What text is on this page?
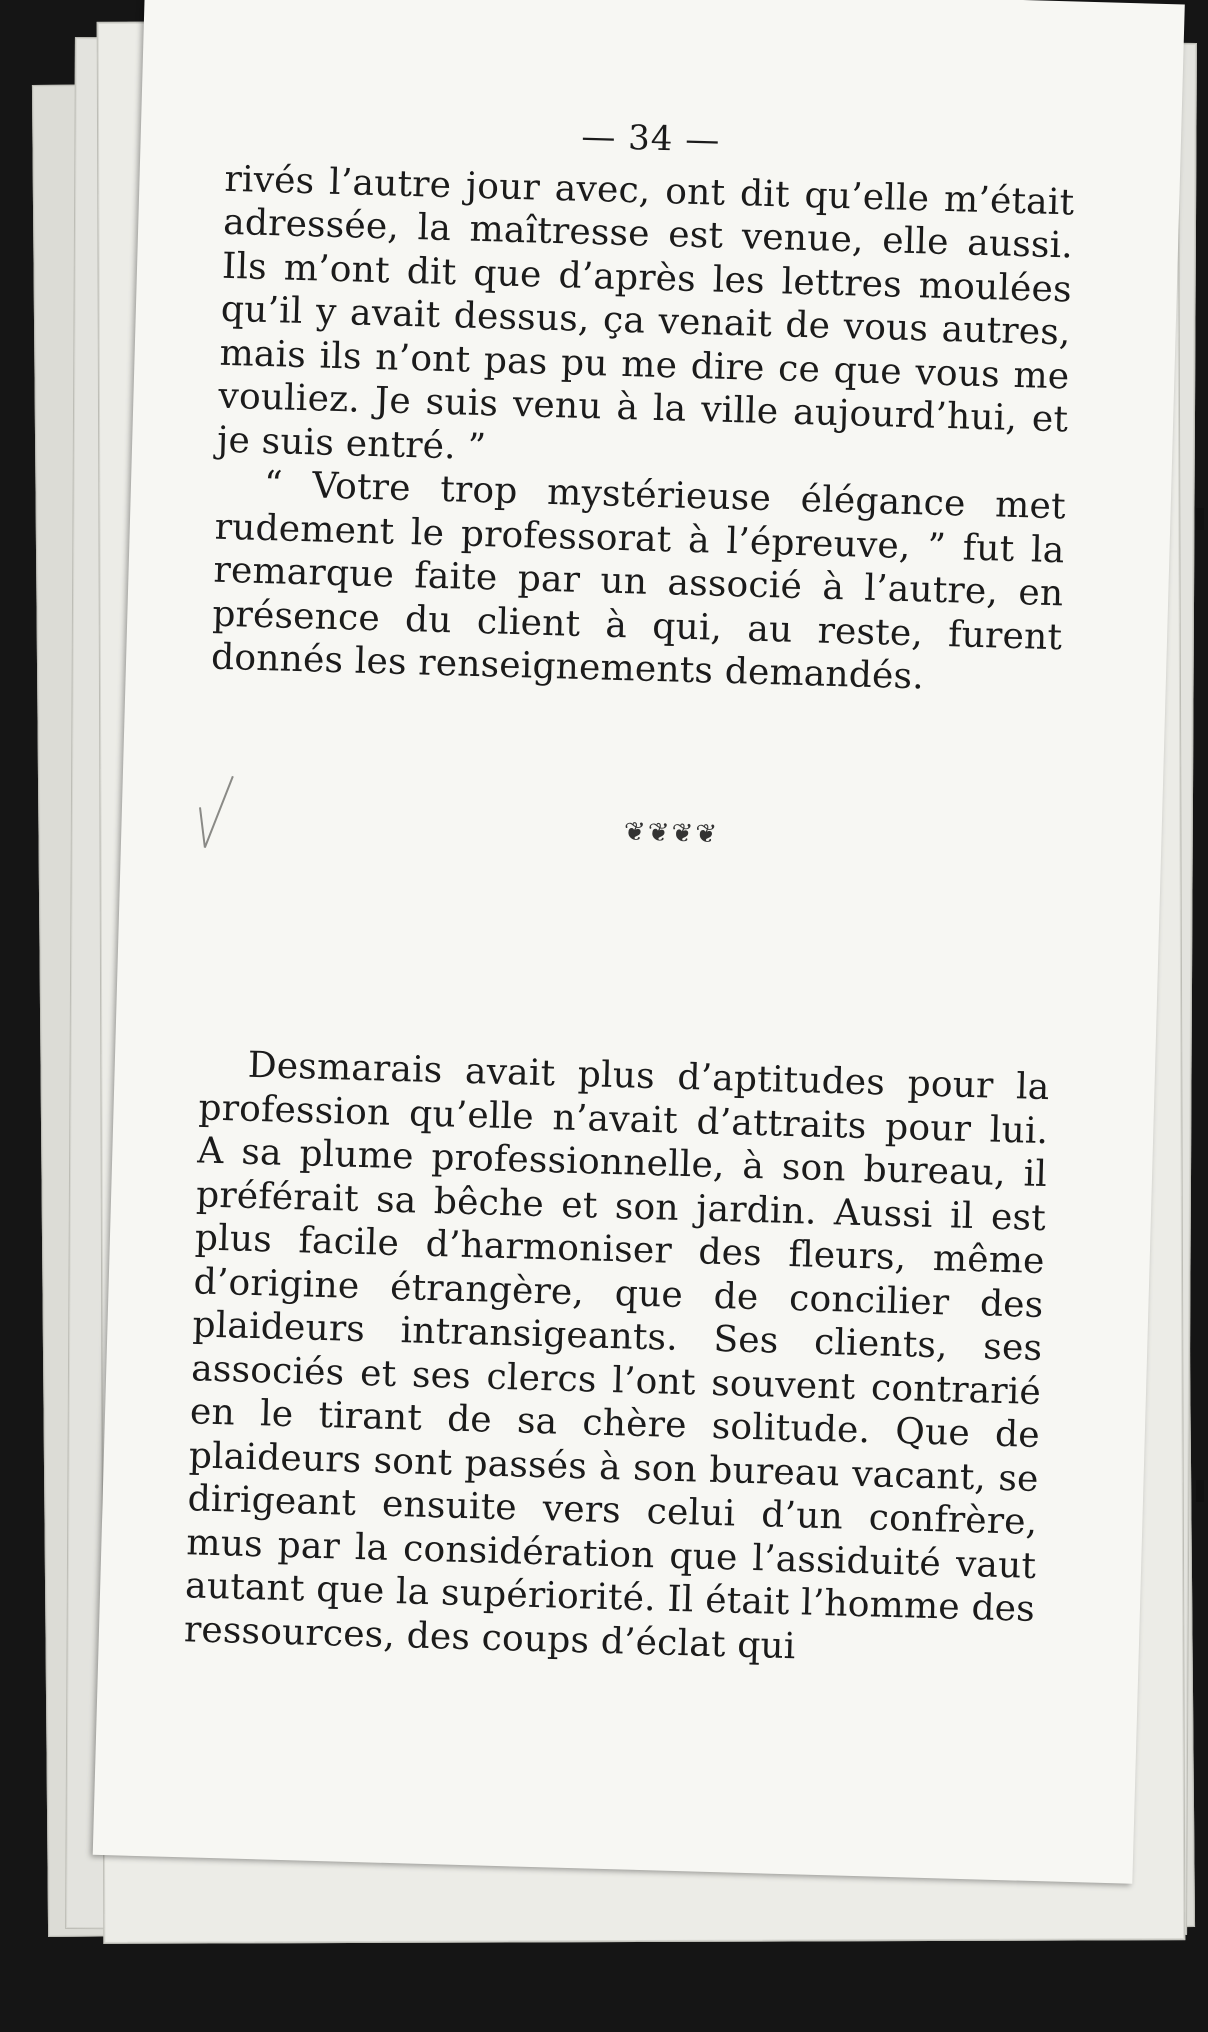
— 34 —

rivés l’autre jour avec, ont dit qu’elle m’était adressée, la maîtresse est venue, elle aussi. Ils m’ont dit que d’après les lettres moulées qu’il y avait dessus, ça venait de vous autres, mais ils n’ont pas pu me dire ce que vous me vouliez. Je suis venu à la ville aujourd’hui, et je suis entré. ”

“ Votre trop mystérieuse élégance met rudement le professorat à l’épreuve, ” fut la remarque faite par un associé à l’autre, en présence du client à qui, au reste, furent donnés les renseignements demandés.

❦❦❦❦

Desmarais avait plus d’aptitudes pour la profession qu’elle n’avait d’attraits pour lui. A sa plume professionnelle, à son bureau, il préférait sa bêche et son jardin. Aussi il est plus facile d’harmoniser des fleurs, même d’origine étrangère, que de concilier des plaideurs intransigeants. Ses clients, ses associés et ses clercs l’ont souvent contrarié en le tirant de sa chère solitude. Que de plaideurs sont passés à son bureau vacant, se dirigeant ensuite vers celui d’un confrère, mus par la considération que l’assiduité vaut autant que la supériorité. Il était l’homme des ressources, des coups d’éclat qui
